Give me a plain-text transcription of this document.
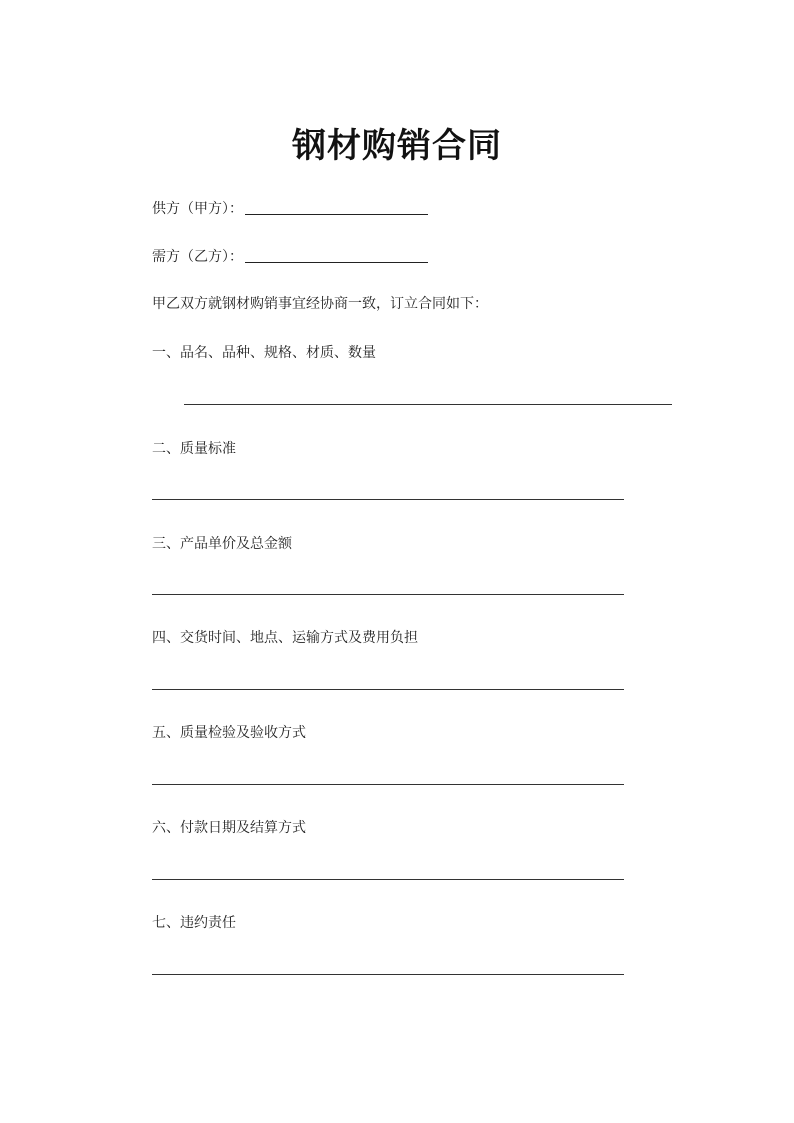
钢材购销合同
供方（甲方）：
需方（乙方）：
甲乙双方就钢材购销事宜经协商一致，订立合同如下：
一、品名、品种、规格、材质、数量
二、质量标准
三、产品单价及总金额
四、交货时间、地点、运输方式及费用负担
五、质量检验及验收方式
六、付款日期及结算方式
七、违约责任
